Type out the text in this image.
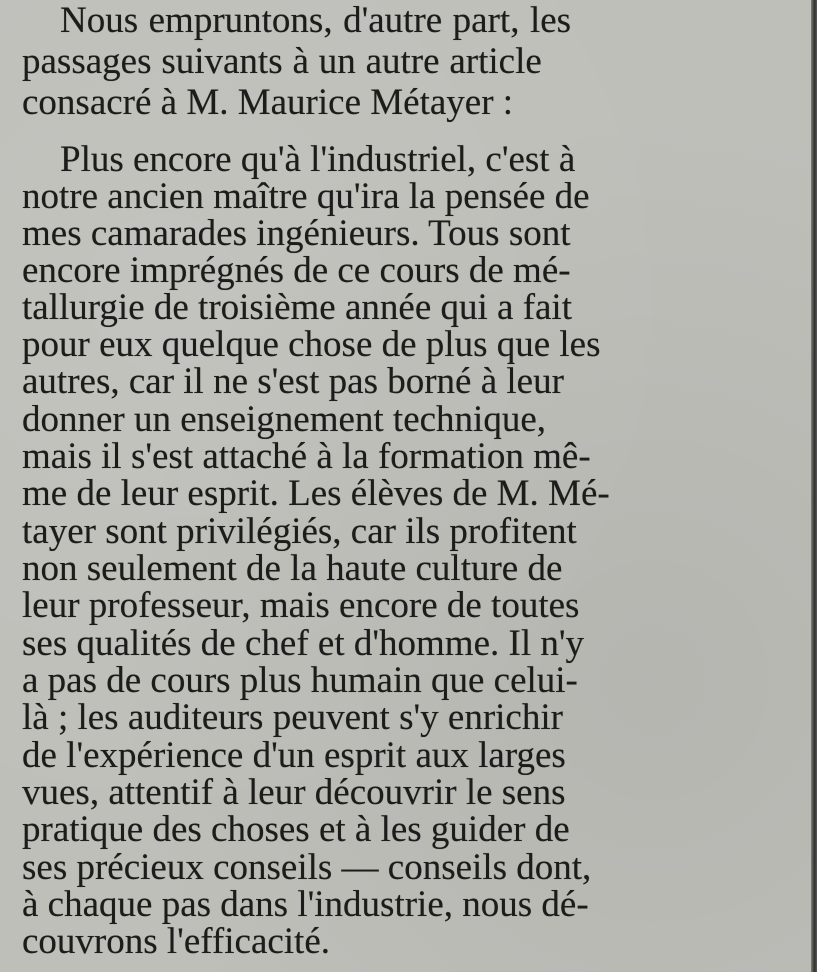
Nous empruntons, d'autre part, les
passages suivants à un autre article
consacré à M. Maurice Métayer :
Plus encore qu'à l'industriel, c'est à
notre ancien maître qu'ira la pensée de
mes camarades ingénieurs. Tous sont
encore imprégnés de ce cours de mé-
tallurgie de troisième année qui a fait
pour eux quelque chose de plus que les
autres, car il ne s'est pas borné à leur
donner un enseignement technique,
mais il s'est attaché à la formation mê-
me de leur esprit. Les élèves de M. Mé-
tayer sont privilégiés, car ils profitent
non seulement de la haute culture de
leur professeur, mais encore de toutes
ses qualités de chef et d'homme. Il n'y
a pas de cours plus humain que celui-
là ; les auditeurs peuvent s'y enrichir
de l'expérience d'un esprit aux larges
vues, attentif à leur découvrir le sens
pratique des choses et à les guider de
ses précieux conseils — conseils dont,
à chaque pas dans l'industrie, nous dé-
couvrons l'efficacité.
